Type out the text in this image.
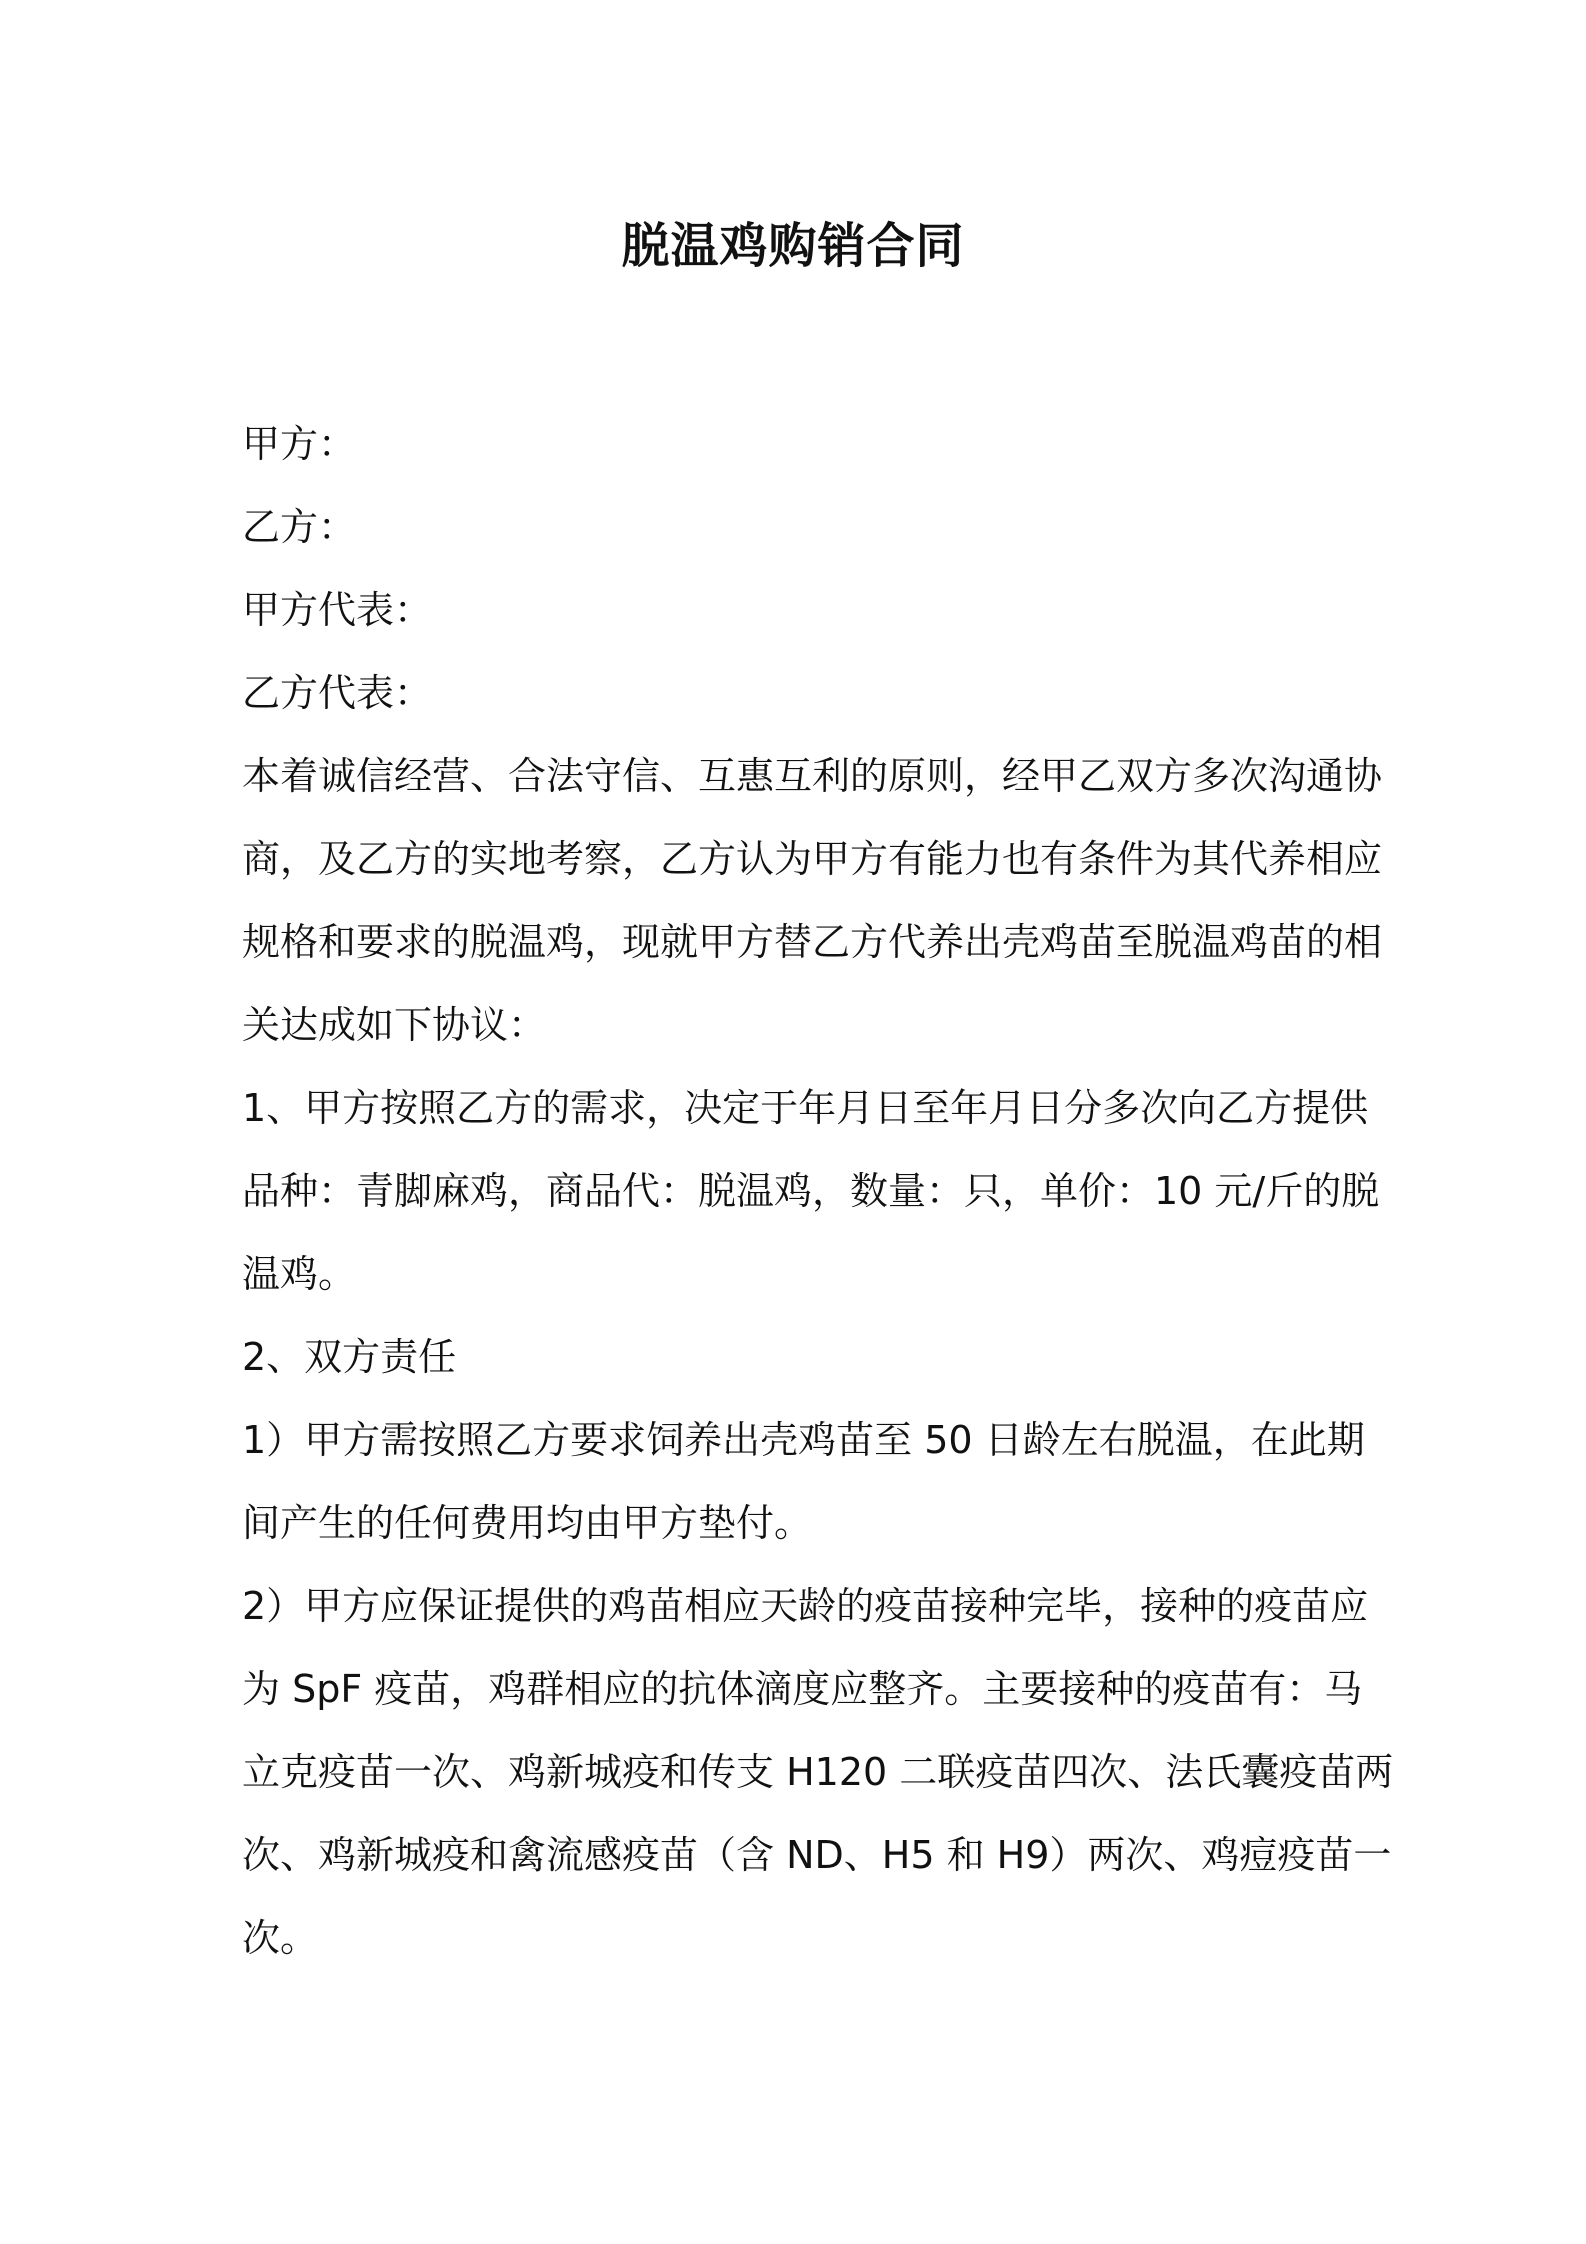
脱温鸡购销合同
甲方：
乙方：
甲方代表：
乙方代表：
本着诚信经营、合法守信、互惠互利的原则，经甲乙双方多次沟通协
商，及乙方的实地考察，乙方认为甲方有能力也有条件为其代养相应
规格和要求的脱温鸡，现就甲方替乙方代养出壳鸡苗至脱温鸡苗的相
关达成如下协议：
1、甲方按照乙方的需求，决定于年月日至年月日分多次向乙方提供
品种：青脚麻鸡，商品代：脱温鸡，数量：只，单价：10 元/斤的脱
温鸡。
2、双方责任
1）甲方需按照乙方要求饲养出壳鸡苗至 50 日龄左右脱温，在此期
间产生的任何费用均由甲方垫付。
2）甲方应保证提供的鸡苗相应天龄的疫苗接种完毕，接种的疫苗应
为 SpF 疫苗，鸡群相应的抗体滴度应整齐。主要接种的疫苗有：马
立克疫苗一次、鸡新城疫和传支 H120 二联疫苗四次、法氏囊疫苗两
次、鸡新城疫和禽流感疫苗（含 ND、H5 和 H9）两次、鸡痘疫苗一
次。
